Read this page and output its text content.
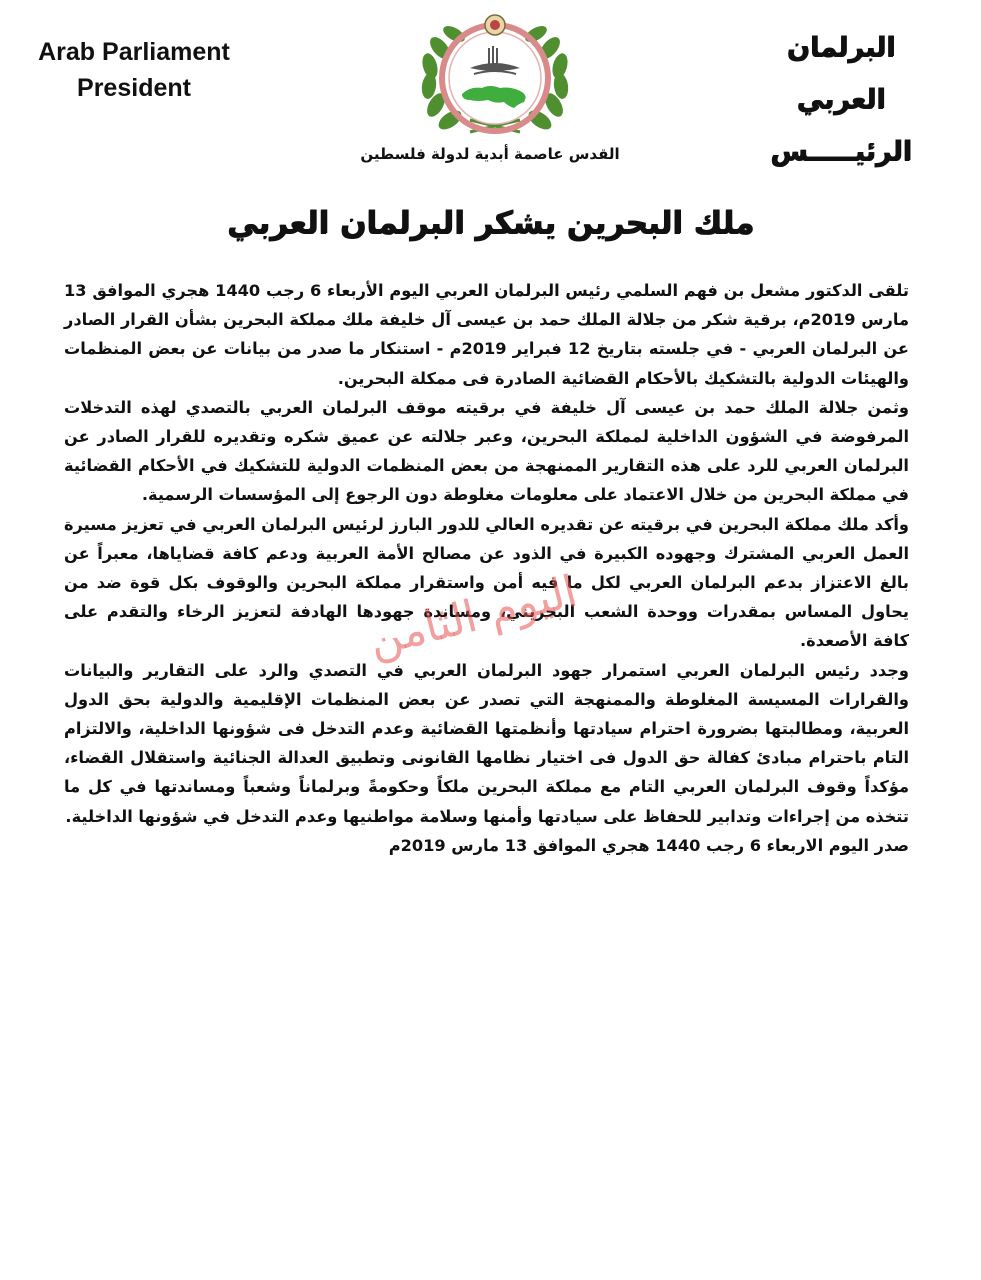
Arab Parliament
President
البرلمان العربي
الرئيـــــس
القدس عاصمة أبدية لدولة فلسطين
ملك البحرين يشكر البرلمان العربي

تلقى الدكتور مشعل بن فهم السلمي رئيس البرلمان العربي اليوم الأربعاء 6 رجب 1440 هجري الموافق 13 مارس 2019م، برقية شكر من جلالة الملك حمد بن عيسى آل خليفة ملك مملكة البحرين بشأن القرار الصادر عن البرلمان العربي - في جلسته بتاريخ 12 فبراير 2019م - استنكار ما صدر من بيانات عن بعض المنظمات والهيئات الدولية بالتشكيك بالأحكام القضائية الصادرة فى ممكلة البحرين.

وثمن جلالة الملك حمد بن عيسى آل خليفة في برقيته موقف البرلمان العربي بالتصدي لهذه التدخلات المرفوضة في الشؤون الداخلية لمملكة البحرين، وعبر جلالته عن عميق شكره وتقديره للقرار الصادر عن البرلمان العربي للرد على هذه التقارير الممنهجة من بعض المنظمات الدولية للتشكيك في الأحكام القضائية في مملكة البحرين من خلال الاعتماد على معلومات مغلوطة دون الرجوع إلى المؤسسات الرسمية.

وأكد ملك مملكة البحرين في برقيته عن تقديره العالي للدور البارز لرئيس البرلمان العربي في تعزيز مسيرة العمل العربي المشترك وجهوده الكبيرة في الذود عن مصالح الأمة العربية ودعم كافة قضاياها، معبراً عن بالغ الاعتزاز بدعم البرلمان العربي لكل ما فيه أمن واستقرار مملكة البحرين والوقوف بكل قوة ضد من يحاول المساس بمقدرات ووحدة الشعب البحريني، ومساندة جهودها الهادفة لتعزيز الرخاء والتقدم على كافة الأصعدة.

وجدد رئيس البرلمان العربي استمرار جهود البرلمان العربي في التصدي والرد على التقارير والبيانات والقرارات المسيسة المغلوطة والممنهجة التي تصدر عن بعض المنظمات الإقليمية والدولية بحق الدول العربية، ومطالبتها بضرورة احترام سيادتها وأنظمتها القضائية وعدم التدخل فى شؤونها الداخلية، والالتزام التام باحترام مبادئ كفالة حق الدول فى اختيار نظامها القانونى وتطبيق العدالة الجنائية واستقلال القضاء، مؤكداً وقوف البرلمان العربي التام مع مملكة البحرين ملكاً وحكومةً وبرلماناً وشعباً ومساندتها في كل ما تتخذه من إجراءات وتدابير للحفاظ على سيادتها وأمنها وسلامة مواطنيها وعدم التدخل في شؤونها الداخلية.

صدر اليوم الاربعاء 6 رجب 1440 هجري الموافق 13 مارس 2019م

اليوم الثامن
